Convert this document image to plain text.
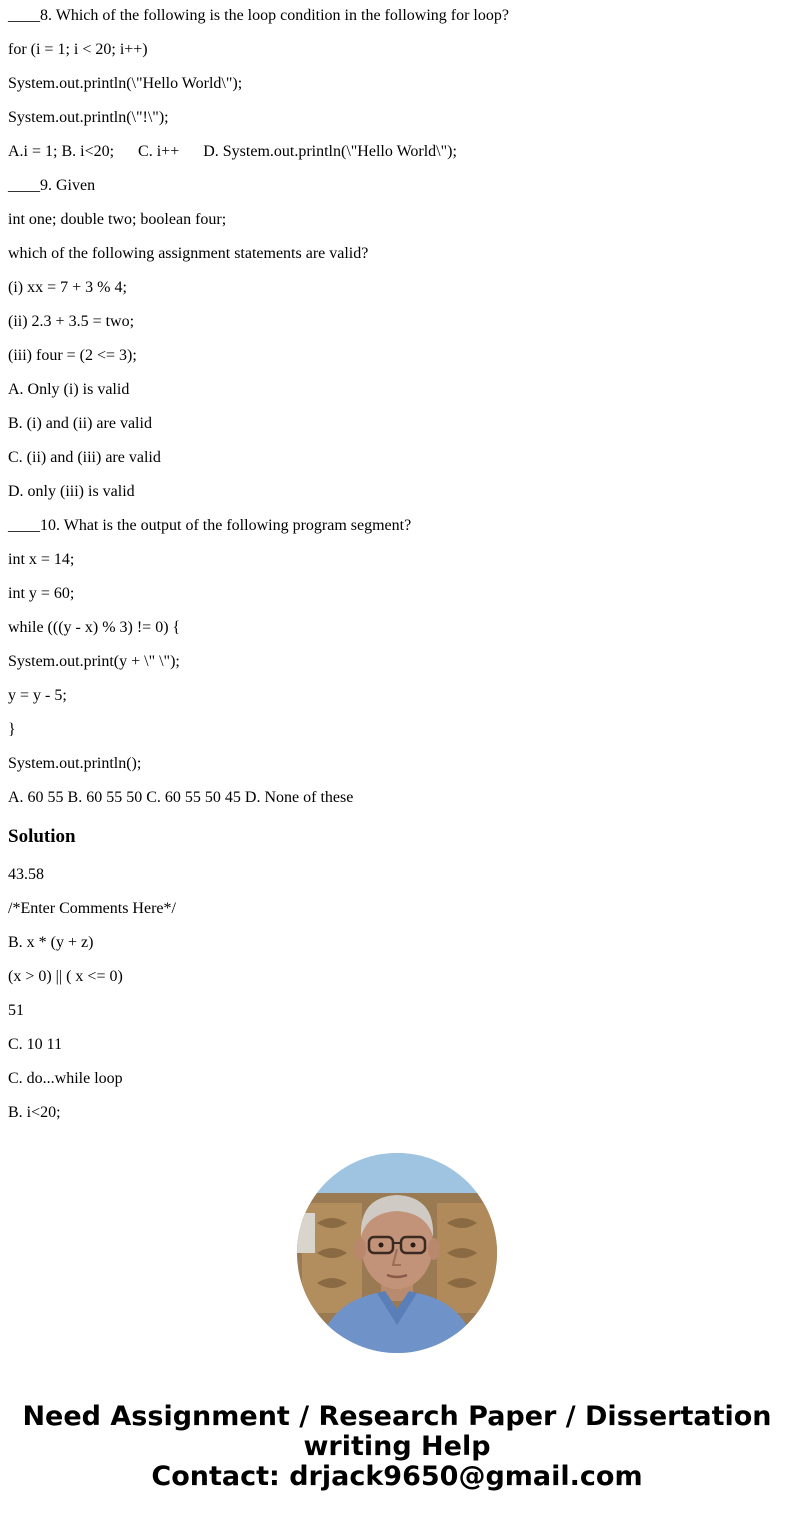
____8. Which of the following is the loop condition in the following for loop?

for (i = 1; i < 20; i++)

System.out.println(\"Hello World\");

System.out.println(\"!\");

A.i = 1; B. i<20;      C. i++      D. System.out.println(\"Hello World\");

____9. Given

int one; double two; boolean four;

which of the following assignment statements are valid?

(i) xx = 7 + 3 % 4;

(ii) 2.3 + 3.5 = two;

(iii) four = (2 <= 3);

A. Only (i) is valid

B. (i) and (ii) are valid

C. (ii) and (iii) are valid

D. only (iii) is valid

____10. What is the output of the following program segment?

int x = 14;

int y = 60;

while (((y - x) % 3) != 0) {

System.out.print(y + \" \");

y = y - 5;

}

System.out.println();

A. 60 55 B. 60 55 50 C. 60 55 50 45 D. None of these

Solution

43.58

/*Enter Comments Here*/

B. x * (y + z)

(x > 0) || ( x <= 0)

51

C. 10 11

C. do...while loop

B. i<20;

Need Assignment / Research Paper / Dissertation
writing Help
Contact: drjack9650@gmail.com
